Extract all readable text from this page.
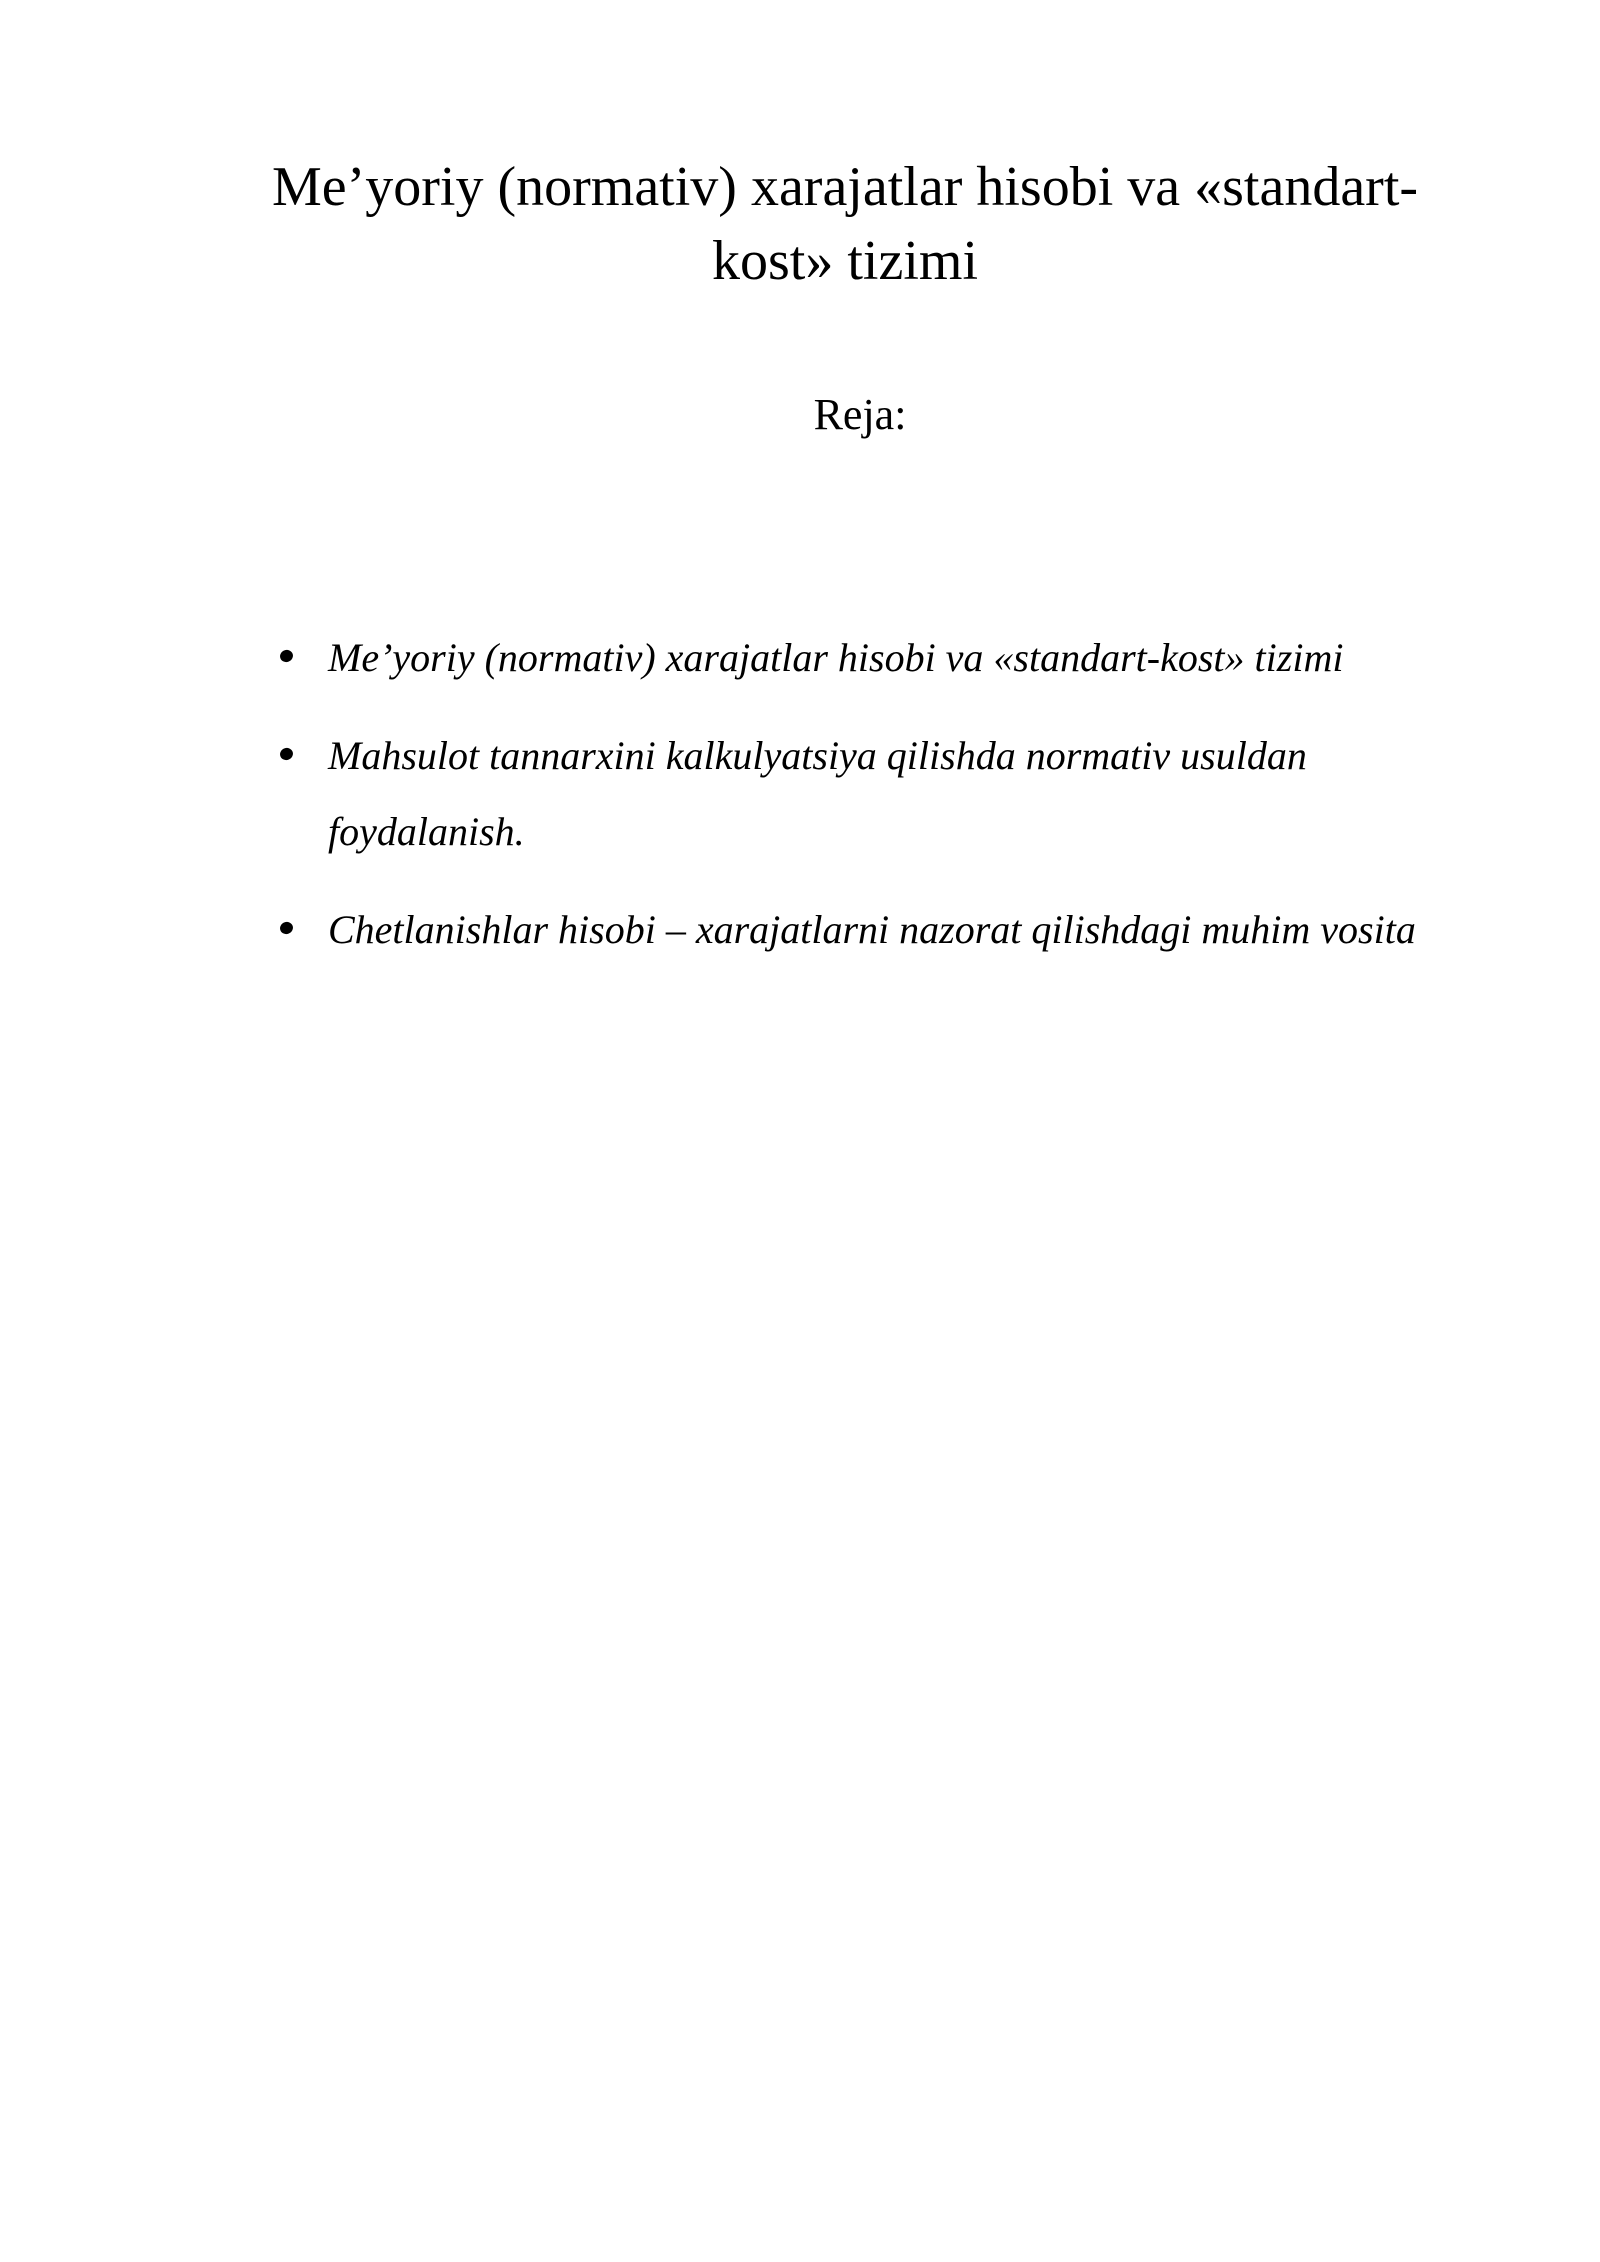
Me’yoriy (normativ) xarajatlar hisobi va «standart-
kost» tizimi
Reja:
Me’yoriy (normativ) xarajatlar hisobi va «standart-kost» tizimi
Mahsulot tannarxini kalkulyatsiya qilishda normativ usuldan foydalanish.
Chetlanishlar hisobi – xarajatlarni nazorat qilishdagi muhim vosita
